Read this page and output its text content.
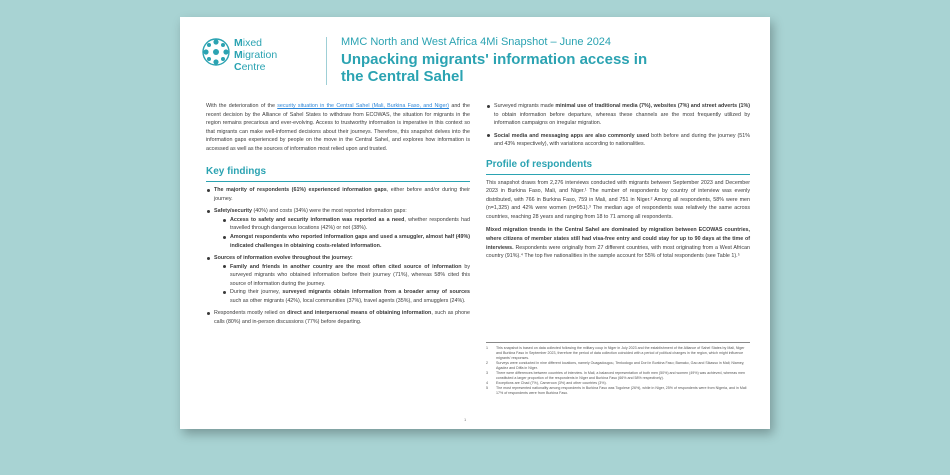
Mixed
Migration
Centre
MMC North and West Africa 4Mi Snapshot – June 2024
Unpacking migrants' information access in the Central Sahel

With the deterioration of the security situation in the Central Sahel (Mali, Burkina Faso, and Niger) and the recent decision by the Alliance of Sahel States to withdraw from ECOWAS, the situation for migrants in the region remains precarious and ever-evolving. Access to trustworthy information is imperative in this context so that migrants can make well-informed decisions about their journeys. Therefore, this snapshot delves into the information gaps experienced by people on the move in the Central Sahel, and explores how information is accessed as well as the sources of information most relied upon and trusted.

Key findings
The majority of respondents (61%) experienced information gaps, either before and/or during their journey.
Safety/security (40%) and costs (34%) were the most reported information gaps:
Access to safety and security information was reported as a need, whether respondents had travelled through dangerous locations (42%) or not (38%).
Amongst respondents who reported information gaps and used a smuggler, almost half (49%) indicated challenges in obtaining costs-related information.
Sources of information evolve throughout the journey:
Family and friends in another country are the most often cited source of information by surveyed migrants who obtained information before their journey (71%), whereas 58% cited this source of information during the journey.
During their journey, surveyed migrants obtain information from a broader array of sources such as other migrants (42%), local communities (37%), travel agents (35%), and smugglers (24%).
Respondents mostly relied on direct and interpersonal means of obtaining information, such as phone calls (80%) and in-person discussions (77%) before departing.
Surveyed migrants made minimal use of traditional media (7%), websites (7%) and street adverts (1%) to obtain information before departure, whereas these channels are the most frequently utilized by information campaigns on irregular migration.
Social media and messaging apps are also commonly used both before and during the journey (51% and 43% respectively), with variations according to nationalities.
Profile of respondents

This snapshot draws from 2,276 interviews conducted with migrants between September 2023 and December 2023 in Burkina Faso, Mali, and Niger.¹ The number of respondents by country of interview was evenly distributed, with 766 in Burkina Faso, 759 in Mali, and 751 in Niger.² Among all respondents, 58% were men (n=1,325) and 42% were women (n=951).³ The median age of respondents was relatively the same across countries, reaching 28 years and ranging from 18 to 71 among all respondents.

Mixed migration trends in the Central Sahel are dominated by migration between ECOWAS countries, where citizens of member states still had visa-free entry and could stay for up to 90 days at the time of interviews. Respondents were originally from 27 different countries, with most originating from a West African country (91%).⁴ The top five nationalities in the sample account for 55% of total respondents (see Table 1).⁵

1 This snapshot is based on data collected following the military coup in Niger in July 2023 and the establishment of the Alliance of Sahel States by Mali, Niger and Burkina Faso in September 2023, therefore the period of data collection coincided with a period of political changes in the region, which might influence migrants' responses.
2 Surveys were conducted in nine different locations, namely Ouagadougou, Tenkodogo and Dori in Burkina Faso; Bamako, Gao and Sikasso in Mali; Niamey, Agadez and Diffa in Niger.
3 There were differences between countries of interview. In Mali, a balanced representation of both men (50%) and women (49%) was achieved, whereas men constituted a larger proportion of the respondents in Niger and Burkina Faso (66% and 58% respectively).
4 Exceptions are Chad (7%), Cameroon (3%) and other countries (3%).
5 The most represented nationality among respondents in Burkina Faso was Togolese (26%), while in Niger, 25% of respondents were from Nigeria, and in Mali 17% of respondents were from Burkina Faso.
1
